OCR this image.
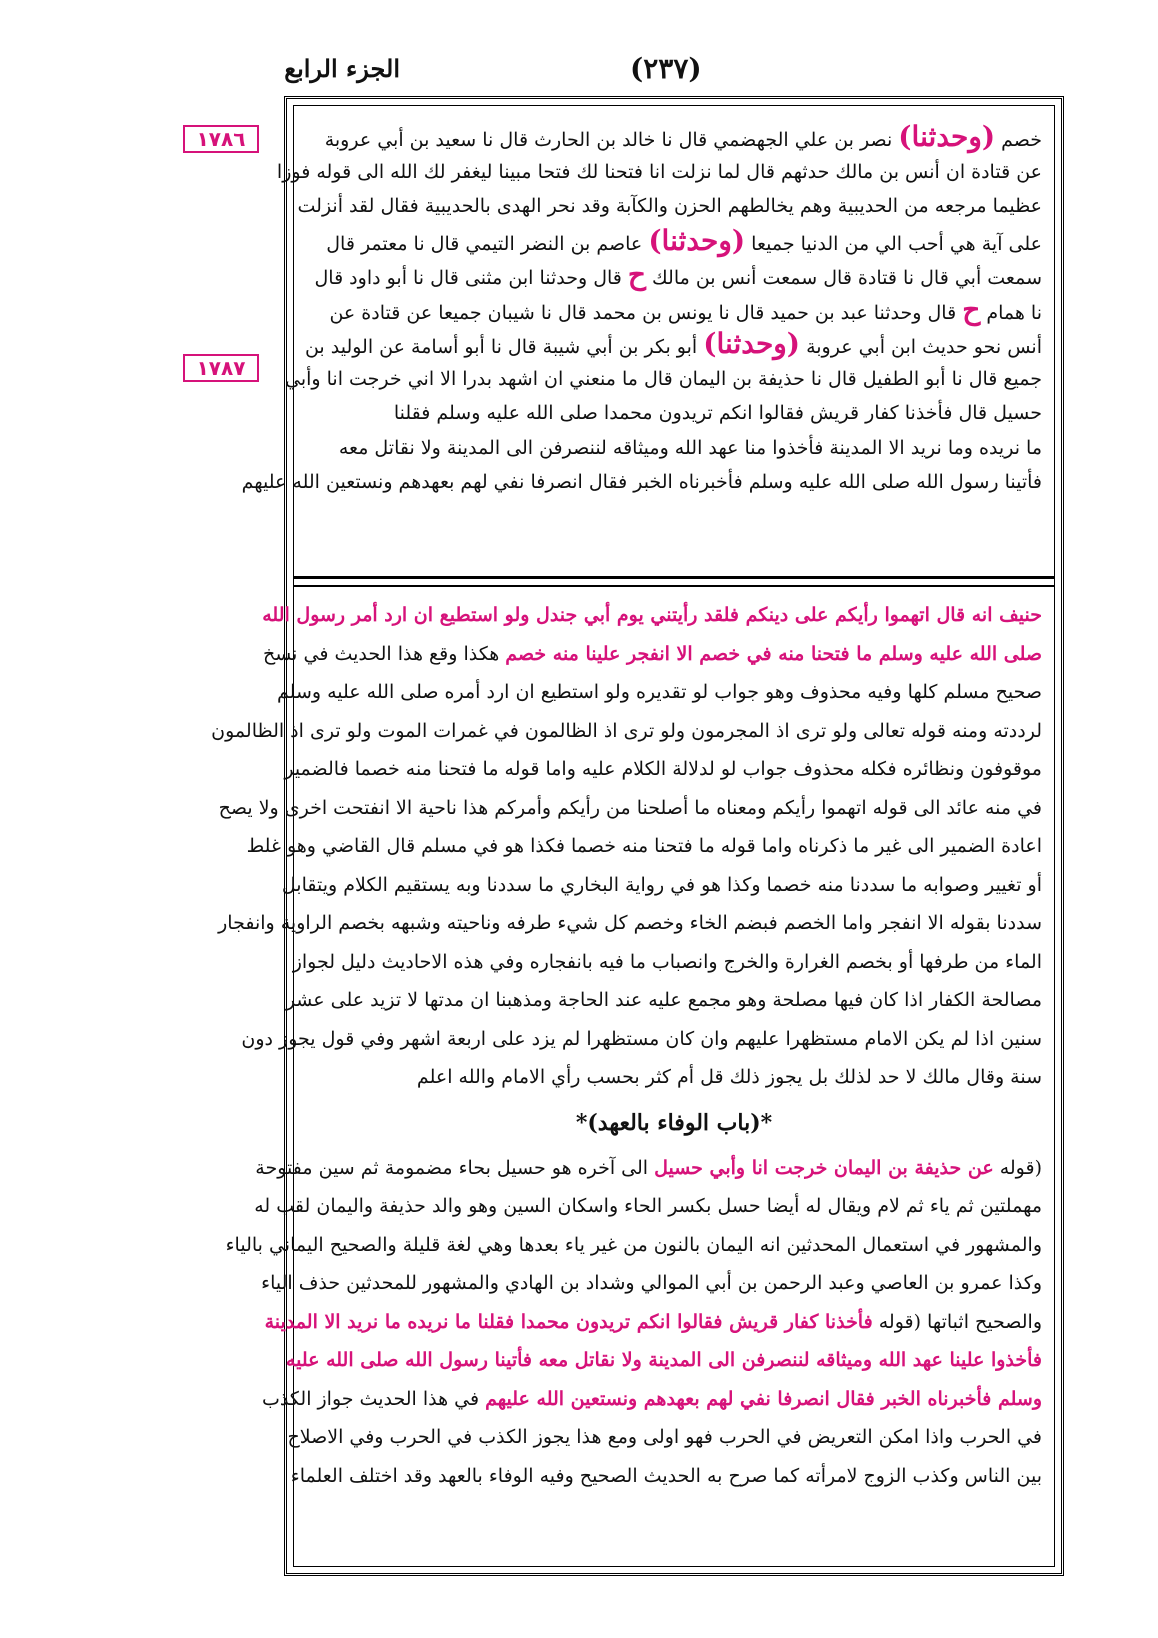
(٢٣٧)
الجزء الرابع
١٧٨٦
١٧٨٧
خصم (وحدثنا) نصر بن علي الجهضمي قال نا خالد بن الحارث قال نا سعيد بن أبي عروبة
عن قتادة ان أنس بن مالك حدثهم قال لما نزلت انا فتحنا لك فتحا مبينا ليغفر لك الله الى قوله فوزا
عظيما مرجعه من الحديبية وهم يخالطهم الحزن والكآبة وقد نحر الهدى بالحديبية فقال لقد أنزلت
على آية هي أحب الي من الدنيا جميعا (وحدثنا) عاصم بن النضر التيمي قال نا معتمر قال
سمعت أبي قال نا قتادة قال سمعت أنس بن مالك ح قال وحدثنا ابن مثنى قال نا أبو داود قال
نا همام ح قال وحدثنا عبد بن حميد قال نا يونس بن محمد قال نا شيبان جميعا عن قتادة عن
أنس نحو حديث ابن أبي عروبة (وحدثنا) أبو بكر بن أبي شيبة قال نا أبو أسامة عن الوليد بن
جميع قال نا أبو الطفيل قال نا حذيفة بن اليمان قال ما منعني ان اشهد بدرا الا اني خرجت انا وأبي
حسيل قال فأخذنا كفار قريش فقالوا انكم تريدون محمدا صلى الله عليه وسلم فقلنا
ما نريده وما نريد الا المدينة فأخذوا منا عهد الله وميثاقه لننصرفن الى المدينة ولا نقاتل معه
فأتينا رسول الله صلى الله عليه وسلم فأخبرناه الخبر فقال انصرفا نفي لهم بعهدهم ونستعين الله عليهم
حنيف انه قال اتهموا رأيكم على دينكم فلقد رأيتني يوم أبي جندل ولو استطيع ان ارد أمر رسول الله
صلى الله عليه وسلم ما فتحنا منه في خصم الا انفجر علينا منه خصم هكذا وقع هذا الحديث في نسخ
صحيح مسلم كلها وفيه محذوف وهو جواب لو تقديره ولو استطيع ان ارد أمره صلى الله عليه وسلم
لرددته ومنه قوله تعالى ولو ترى اذ المجرمون ولو ترى اذ الظالمون في غمرات الموت ولو ترى اذ الظالمون
موقوفون ونظائره فكله محذوف جواب لو لدلالة الكلام عليه واما قوله ما فتحنا منه خصما فالضمير
في منه عائد الى قوله اتهموا رأيكم ومعناه ما أصلحنا من رأيكم وأمركم هذا ناحية الا انفتحت اخرى ولا يصح
اعادة الضمير الى غير ما ذكرناه واما قوله ما فتحنا منه خصما فكذا هو في مسلم قال القاضي وهو غلط
أو تغيير وصوابه ما سددنا منه خصما وكذا هو في رواية البخاري ما سددنا وبه يستقيم الكلام ويتقابل
سددنا بقوله الا انفجر واما الخصم فبضم الخاء وخصم كل شيء طرفه وناحيته وشبهه بخصم الراوية وانفجار
الماء من طرفها أو بخصم الغرارة والخرج وانصباب ما فيه بانفجاره وفي هذه الاحاديث دليل لجواز
مصالحة الكفار اذا كان فيها مصلحة وهو مجمع عليه عند الحاجة ومذهبنا ان مدتها لا تزيد على عشر
سنين اذا لم يكن الامام مستظهرا عليهم وان كان مستظهرا لم يزد على اربعة اشهر وفي قول يجوز دون
سنة وقال مالك لا حد لذلك بل يجوز ذلك قل أم كثر بحسب رأي الامام والله اعلم
*(باب الوفاء بالعهد)*
(قوله عن حذيفة بن اليمان خرجت انا وأبي حسيل الى آخره هو حسيل بحاء مضمومة ثم سين مفتوحة
مهملتين ثم ياء ثم لام ويقال له أيضا حسل بكسر الحاء واسكان السين وهو والد حذيفة واليمان لقب له
والمشهور في استعمال المحدثين انه اليمان بالنون من غير ياء بعدها وهي لغة قليلة والصحيح اليماني بالياء
وكذا عمرو بن العاصي وعبد الرحمن بن أبي الموالي وشداد بن الهادي والمشهور للمحدثين حذف الياء
والصحيح اثباتها (قوله فأخذنا كفار قريش فقالوا انكم تريدون محمدا فقلنا ما نريده ما نريد الا المدينة
فأخذوا علينا عهد الله وميثاقه لننصرفن الى المدينة ولا نقاتل معه فأتينا رسول الله صلى الله عليه
وسلم فأخبرناه الخبر فقال انصرفا نفي لهم بعهدهم ونستعين الله عليهم في هذا الحديث جواز الكذب
في الحرب واذا امكن التعريض في الحرب فهو اولى ومع هذا يجوز الكذب في الحرب وفي الاصلاح
بين الناس وكذب الزوج لامرأته كما صرح به الحديث الصحيح وفيه الوفاء بالعهد وقد اختلف العلماء
